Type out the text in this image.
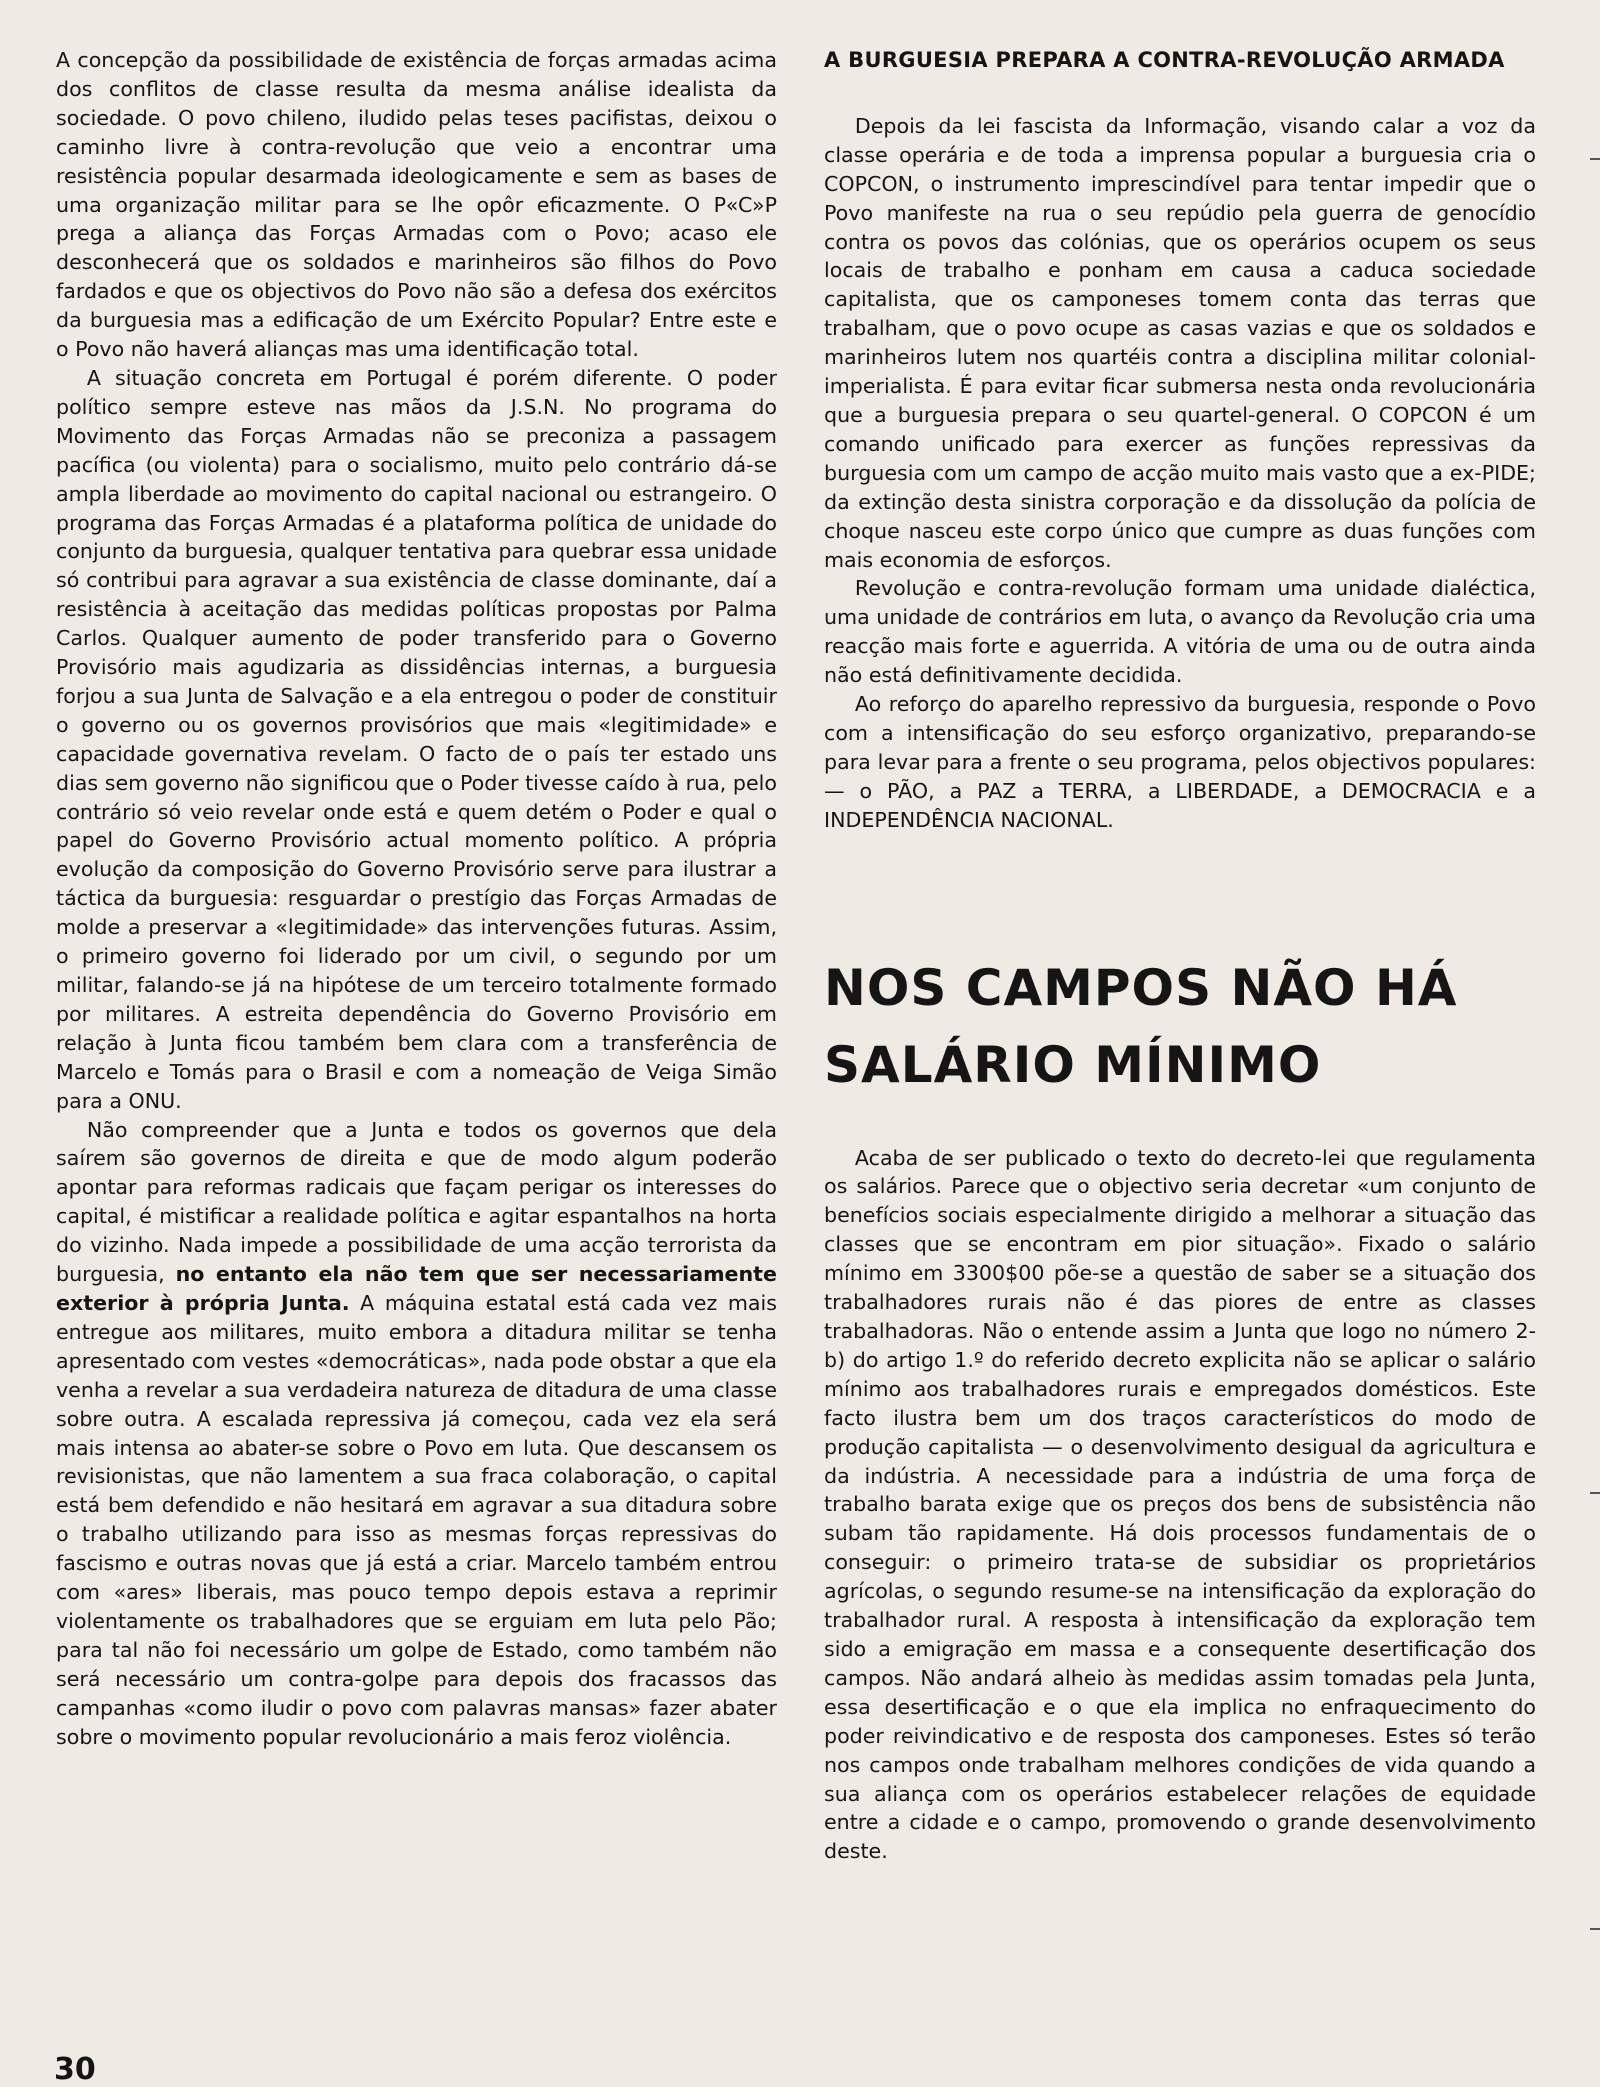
A concepção da possibilidade de existência de forças armadas acima dos conflitos de classe resulta da mesma análise idealista da sociedade. O povo chileno, iludido pelas teses pacifistas, deixou o caminho livre à contra-revolução que veio a encontrar uma resistência popular desarmada ideologicamente e sem as bases de uma organização militar para se lhe opôr eficazmente. O P«C»P prega a aliança das Forças Armadas com o Povo; acaso ele desconhecerá que os soldados e marinheiros são filhos do Povo fardados e que os objectivos do Povo não são a defesa dos exércitos da burguesia mas a edificação de um Exército Popular? Entre este e o Povo não haverá alianças mas uma identificação total.

A situação concreta em Portugal é porém diferente. O poder político sempre esteve nas mãos da J.S.N. No programa do Movimento das Forças Armadas não se preconiza a passagem pacífica (ou violenta) para o socialismo, muito pelo contrário dá-se ampla liberdade ao movimento do capital nacional ou estrangeiro. O programa das Forças Armadas é a plataforma política de unidade do conjunto da burguesia, qualquer tentativa para quebrar essa unidade só contribui para agravar a sua existência de classe dominante, daí a resistência à aceitação das medidas políticas propostas por Palma Carlos. Qualquer aumento de poder transferido para o Governo Provisório mais agudizaria as dissidências internas, a burguesia forjou a sua Junta de Salvação e a ela entregou o poder de constituir o governo ou os governos provisórios que mais «legitimidade» e capacidade governativa revelam. O facto de o país ter estado uns dias sem governo não significou que o Poder tivesse caído à rua, pelo contrário só veio revelar onde está e quem detém o Poder e qual o papel do Governo Provisório actual momento político. A própria evolução da composição do Governo Provisório serve para ilustrar a táctica da burguesia: resguardar o prestígio das Forças Armadas de molde a preservar a «legitimidade» das intervenções futuras. Assim, o primeiro governo foi liderado por um civil, o segundo por um militar, falando-se já na hipótese de um terceiro totalmente formado por militares. A estreita dependência do Governo Provisório em relação à Junta ficou também bem clara com a transferência de Marcelo e Tomás para o Brasil e com a nomeação de Veiga Simão para a ONU.

Não compreender que a Junta e todos os governos que dela saírem são governos de direita e que de modo algum poderão apontar para reformas radicais que façam perigar os interesses do capital, é mistificar a realidade política e agitar espantalhos na horta do vizinho. Nada impede a possibilidade de uma acção terrorista da burguesia, no entanto ela não tem que ser necessariamente exterior à própria Junta. A máquina estatal está cada vez mais entregue aos militares, muito embora a ditadura militar se tenha apresentado com vestes «democráticas», nada pode obstar a que ela venha a revelar a sua verdadeira natureza de ditadura de uma classe sobre outra. A escalada repressiva já começou, cada vez ela será mais intensa ao abater-se sobre o Povo em luta. Que descansem os revisionistas, que não lamentem a sua fraca colaboração, o capital está bem defendido e não hesitará em agravar a sua ditadura sobre o trabalho utilizando para isso as mesmas forças repressivas do fascismo e outras novas que já está a criar. Marcelo também entrou com «ares» liberais, mas pouco tempo depois estava a reprimir violentamente os trabalhadores que se erguiam em luta pelo Pão; para tal não foi necessário um golpe de Estado, como também não será necessário um contra-golpe para depois dos fracassos das campanhas «como iludir o povo com palavras mansas» fazer abater sobre o movimento popular revolucionário a mais feroz violência.

A BURGUESIA PREPARA A CONTRA-REVOLUÇÃO ARMADA

Depois da lei fascista da Informação, visando calar a voz da classe operária e de toda a imprensa popular a burguesia cria o COPCON, o instrumento imprescindível para tentar impedir que o Povo manifeste na rua o seu repúdio pela guerra de genocídio contra os povos das colónias, que os operários ocupem os seus locais de trabalho e ponham em causa a caduca sociedade capitalista, que os camponeses tomem conta das terras que trabalham, que o povo ocupe as casas vazias e que os soldados e marinheiros lutem nos quartéis contra a disciplina militar colonial-imperialista. É para evitar ficar submersa nesta onda revolucionária que a burguesia prepara o seu quartel-general. O COPCON é um comando unificado para exercer as funções repressivas da burguesia com um campo de acção muito mais vasto que a ex-PIDE; da extinção desta sinistra corporação e da dissolução da polícia de choque nasceu este corpo único que cumpre as duas funções com mais economia de esforços.

Revolução e contra-revolução formam uma unidade dialéctica, uma unidade de contrários em luta, o avanço da Revolução cria uma reacção mais forte e aguerrida. A vitória de uma ou de outra ainda não está definitivamente decidida.

Ao reforço do aparelho repressivo da burguesia, responde o Povo com a intensificação do seu esforço organizativo, preparando-se para levar para a frente o seu programa, pelos objectivos populares: — o PÃO, a PAZ a TERRA, a LIBERDADE, a DEMOCRACIA e a INDEPENDÊNCIA NACIONAL.

NOS CAMPOS NÃO HÁ
SALÁRIO MÍNIMO

Acaba de ser publicado o texto do decreto-lei que regulamenta os salários. Parece que o objectivo seria decretar «um conjunto de benefícios sociais especialmente dirigido a melhorar a situação das classes que se encontram em pior situação». Fixado o salário mínimo em 3300$00 põe-se a questão de saber se a situação dos trabalhadores rurais não é das piores de entre as classes trabalhadoras. Não o entende assim a Junta que logo no número 2-b) do artigo 1.º do referido decreto explicita não se aplicar o salário mínimo aos trabalhadores rurais e empregados domésticos. Este facto ilustra bem um dos traços característicos do modo de produção capitalista — o desenvolvimento desigual da agricultura e da indústria. A necessidade para a indústria de uma força de trabalho barata exige que os preços dos bens de subsistência não subam tão rapidamente. Há dois processos fundamentais de o conseguir: o primeiro trata-se de subsidiar os proprietários agrícolas, o segundo resume-se na intensificação da exploração do trabalhador rural. A resposta à intensificação da exploração tem sido a emigração em massa e a consequente desertificação dos campos. Não andará alheio às medidas assim tomadas pela Junta, essa desertificação e o que ela implica no enfraquecimento do poder reivindicativo e de resposta dos camponeses. Estes só terão nos campos onde trabalham melhores condições de vida quando a sua aliança com os operários estabelecer relações de equidade entre a cidade e o campo, promovendo o grande desenvolvimento deste.

30
